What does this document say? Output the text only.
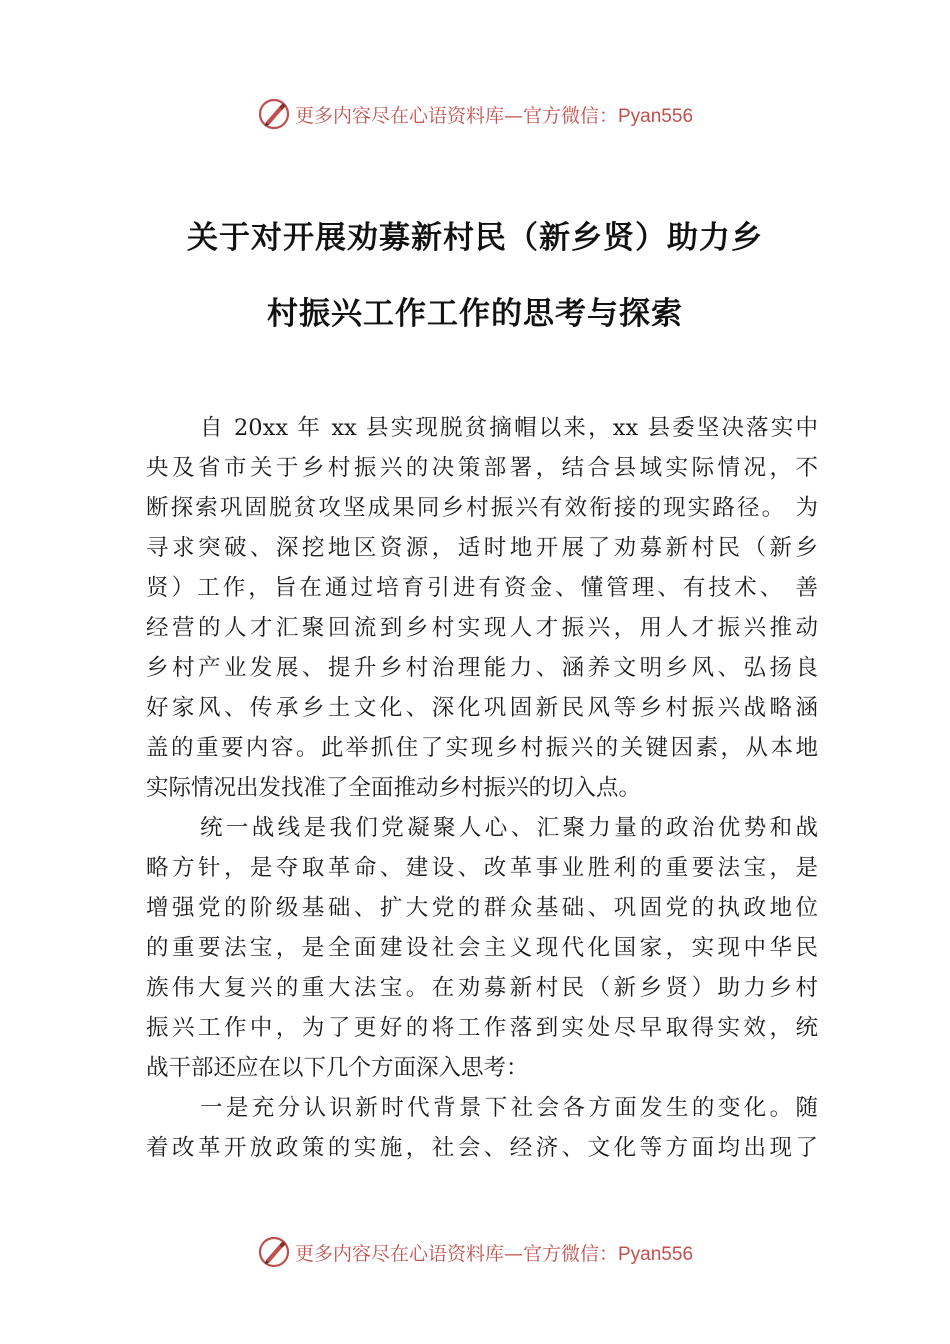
更多内容尽在心语资料库—官方微信：Pyan556
关于对开展劝募新村民（新乡贤）助力乡
村振兴工作工作的思考与探索
自 20xx 年 xx 县实现脱贫摘帽以来，xx 县委坚决落实中
央及省市关于乡村振兴的决策部署，结合县域实际情况，不
断探索巩固脱贫攻坚成果同乡村振兴有效衔接的现实路径。 为
寻求突破、深挖地区资源，适时地开展了劝募新村民（新乡
贤）工作，旨在通过培育引进有资金、懂管理、有技术、 善
经营的人才汇聚回流到乡村实现人才振兴，用人才振兴推动
乡村产业发展、提升乡村治理能力、涵养文明乡风、弘扬良
好家风、传承乡土文化、深化巩固新民风等乡村振兴战略涵
盖的重要内容。此举抓住了实现乡村振兴的关键因素，从本地
实际情况出发找准了全面推动乡村振兴的切入点。
统一战线是我们党凝聚人心、汇聚力量的政治优势和战
略方针，是夺取革命、建设、改革事业胜利的重要法宝，是
增强党的阶级基础、扩大党的群众基础、巩固党的执政地位
的重要法宝，是全面建设社会主义现代化国家，实现中华民
族伟大复兴的重大法宝。在劝募新村民（新乡贤）助力乡村
振兴工作中，为了更好的将工作落到实处尽早取得实效，统
战干部还应在以下几个方面深入思考：
一是充分认识新时代背景下社会各方面发生的变化。随
着改革开放政策的实施，社会、经济、文化等方面均出现了
更多内容尽在心语资料库—官方微信：Pyan556
